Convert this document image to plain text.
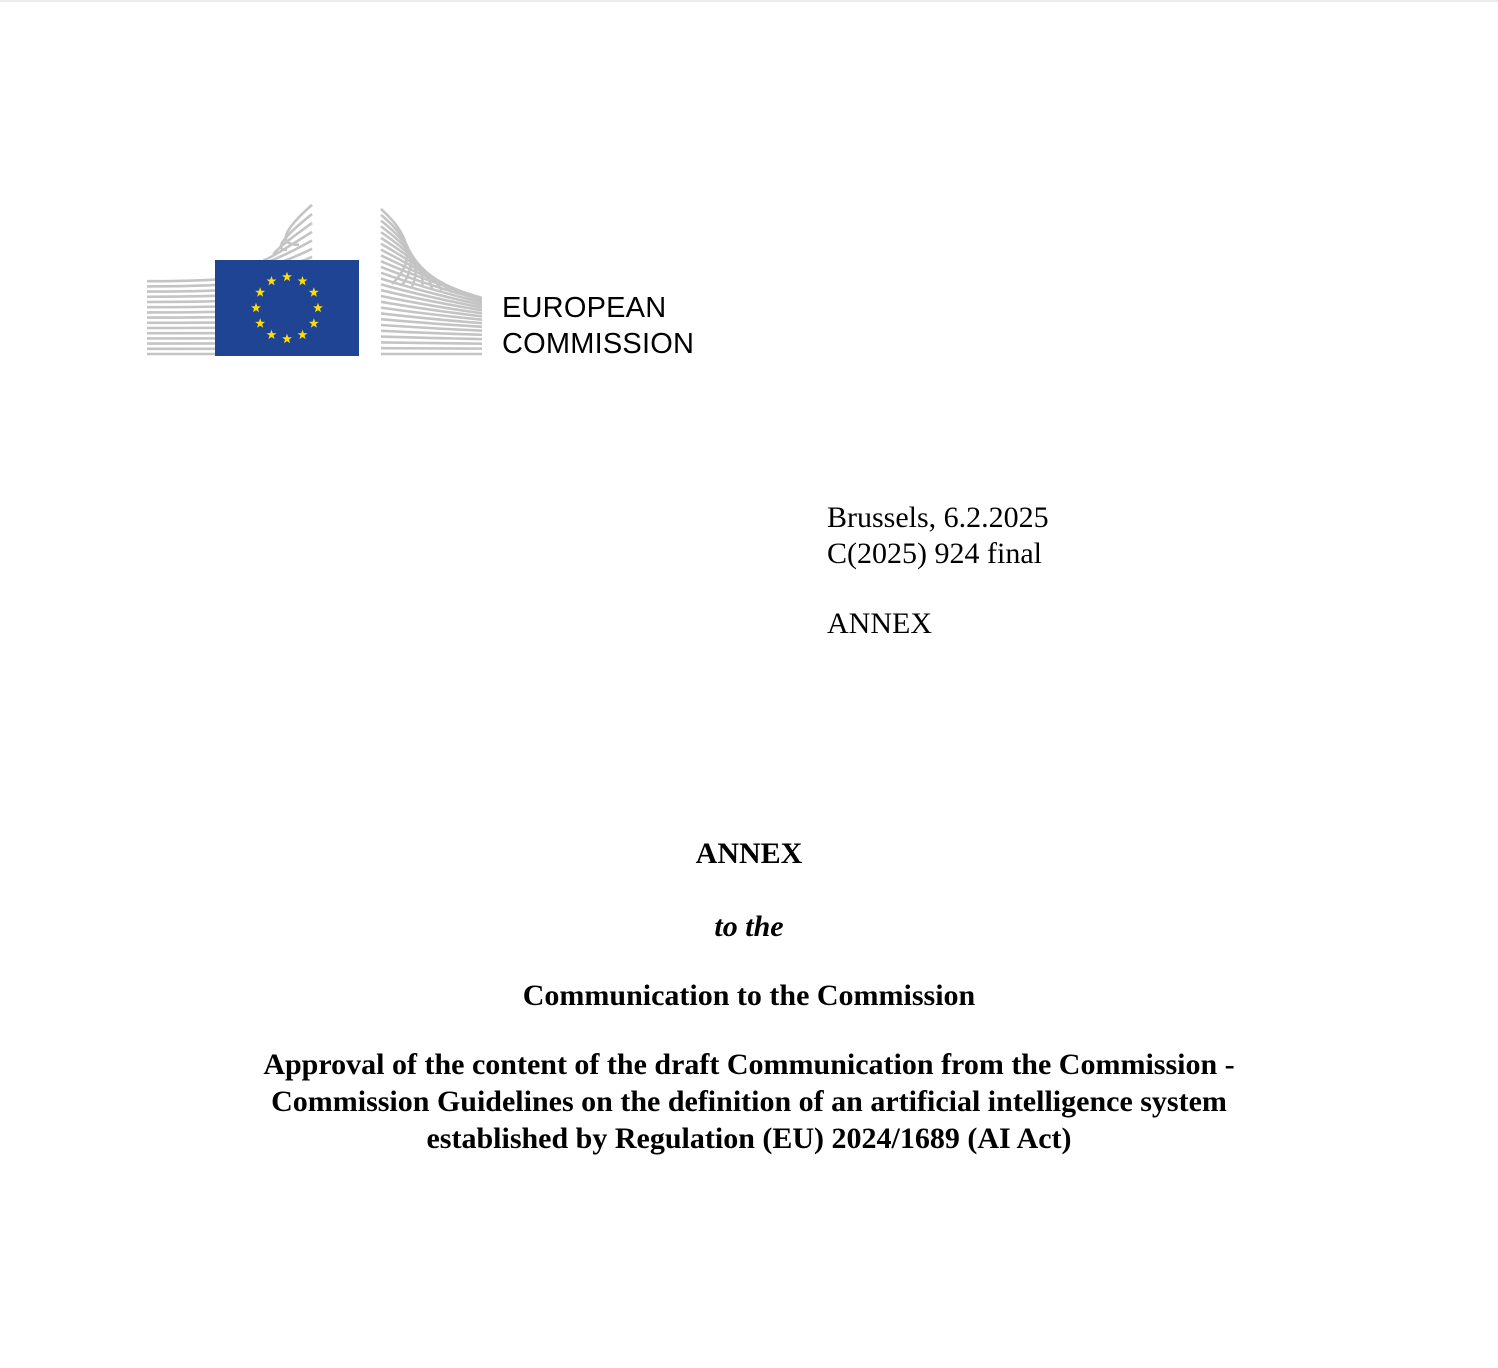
EUROPEAN
COMMISSION
Brussels, 6.2.2025
C(2025) 924 final
ANNEX
ANNEX
to the
Communication to the Commission
Approval of the content of the draft Communication from the Commission -
Commission Guidelines on the definition of an artificial intelligence system
established by Regulation (EU) 2024/1689 (AI Act)
